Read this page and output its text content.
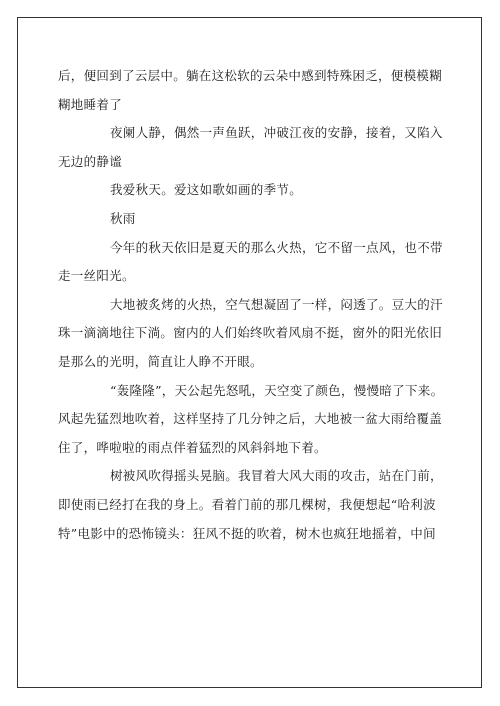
后，便回到了云层中。躺在这松软的云朵中感到特殊困乏，便模模糊
糊地睡着了
夜阑人静，偶然一声鱼跃，冲破江夜的安静，接着，又陷入
无边的静谧
我爱秋天。爱这如歌如画的季节。
秋雨
今年的秋天依旧是夏天的那么火热，它不留一点风，也不带
走一丝阳光。
大地被炙烤的火热，空气想凝固了一样，闷透了。豆大的汗
珠一滴滴地往下淌。窗内的人们始终吹着风扇不挺，窗外的阳光依旧
是那么的光明，简直让人睁不开眼。
“轰隆隆”，天公起先怒吼，天空变了颜色，慢慢暗了下来。
风起先猛烈地吹着，这样坚持了几分钟之后，大地被一盆大雨给覆盖
住了，哗啦啦的雨点伴着猛烈的风斜斜地下着。
树被风吹得摇头晃脑。我冒着大风大雨的攻击，站在门前，
即使雨已经打在我的身上。看着门前的那几棵树，我便想起“哈利波
特”电影中的恐怖镜头：狂风不挺的吹着，树木也疯狂地摇着，中间
